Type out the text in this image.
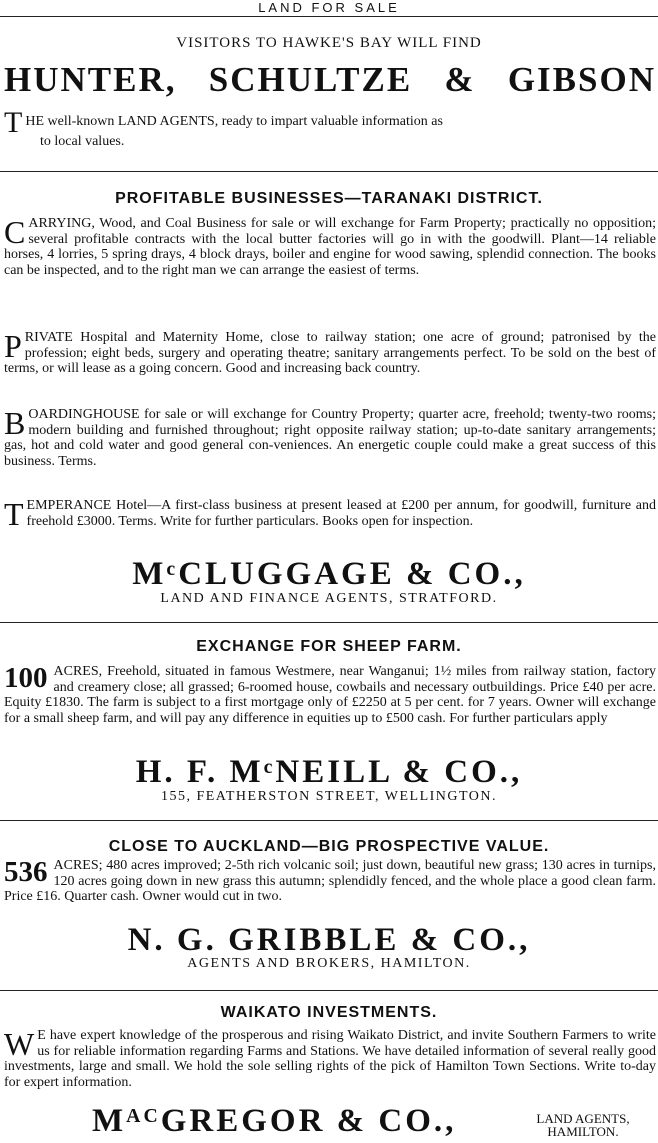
LAND FOR SALE
VISITORS TO HAWKE'S BAY WILL FIND
HUNTER, SCHULTZE & GIBSON
T HE well-known LAND AGENTS, ready to impart valuable information as
to local values.
PROFITABLE BUSINESSES—TARANAKI DISTRICT.
C ARRYING, Wood, and Coal Business for sale or will exchange for Farm Property; practically no opposition; several profitable contracts with the local butter factories will go in with the goodwill. Plant—14 reliable horses, 4 lorries, 5 spring drays, 4 block drays, boiler and engine for wood sawing, splendid connection. The books can be inspected, and to the right man we can arrange the easiest of terms.
P RIVATE Hospital and Maternity Home, close to railway station; one acre of ground; patronised by the profession; eight beds, surgery and operating theatre; sanitary arrangements perfect. To be sold on the best of terms, or will lease as a going concern. Good and increasing back country.
B OARDINGHOUSE for sale or will exchange for Country Property; quarter acre, freehold; twenty-two rooms; modern building and furnished throughout; right opposite railway station; up-to-date sanitary arrangements; gas, hot and cold water and good general con-veniences. An energetic couple could make a great success of this business. Terms.
T EMPERANCE Hotel—A first-class business at present leased at £200 per annum, for goodwill, furniture and freehold £3000. Terms. Write for further particulars. Books open for inspection.
$M^cCLUGGAGE$ & CO.,
LAND AND FINANCE AGENTS, STRATFORD.
EXCHANGE FOR SHEEP FARM.
100 ACRES, Freehold, situated in famous Westmere, near Wanganui; 1½ miles from railway station, factory and creamery close; all grassed; 6-roomed house, cowbails and necessary outbuildings. Price £40 per acre. Equity £1830. The farm is subject to a first mortgage only of £2250 at 5 per cent. for 7 years. Owner will exchange for a small sheep farm, and will pay any difference in equities up to £500 cash. For further particulars apply
H. F. $M^cNEILL$ & CO.,
155, FEATHERSTON STREET, WELLINGTON.
CLOSE TO AUCKLAND—BIG PROSPECTIVE VALUE.
536 ACRES; 480 acres improved; 2-5th rich volcanic soil; just down, beautiful new grass; 130 acres in turnips, 120 acres going down in new grass this autumn; splendidly fenced, and the whole place a good clean farm. Price £16. Quarter cash. Owner would cut in two.
N. G. GRIBBLE & CO.,
AGENTS AND BROKERS, HAMILTON.
WAIKATO INVESTMENTS.
W E have expert knowledge of the prosperous and rising Waikato District, and invite Southern Farmers to write us for reliable information regarding Farms and Stations. We have detailed information of several really good investments, large and small. We hold the sole selling rights of the pick of Hamilton Town Sections. Write to-day for expert information.
$M^{AC}GREGOR$ & CO.,	LAND AGENTS,
HAMILTON.
